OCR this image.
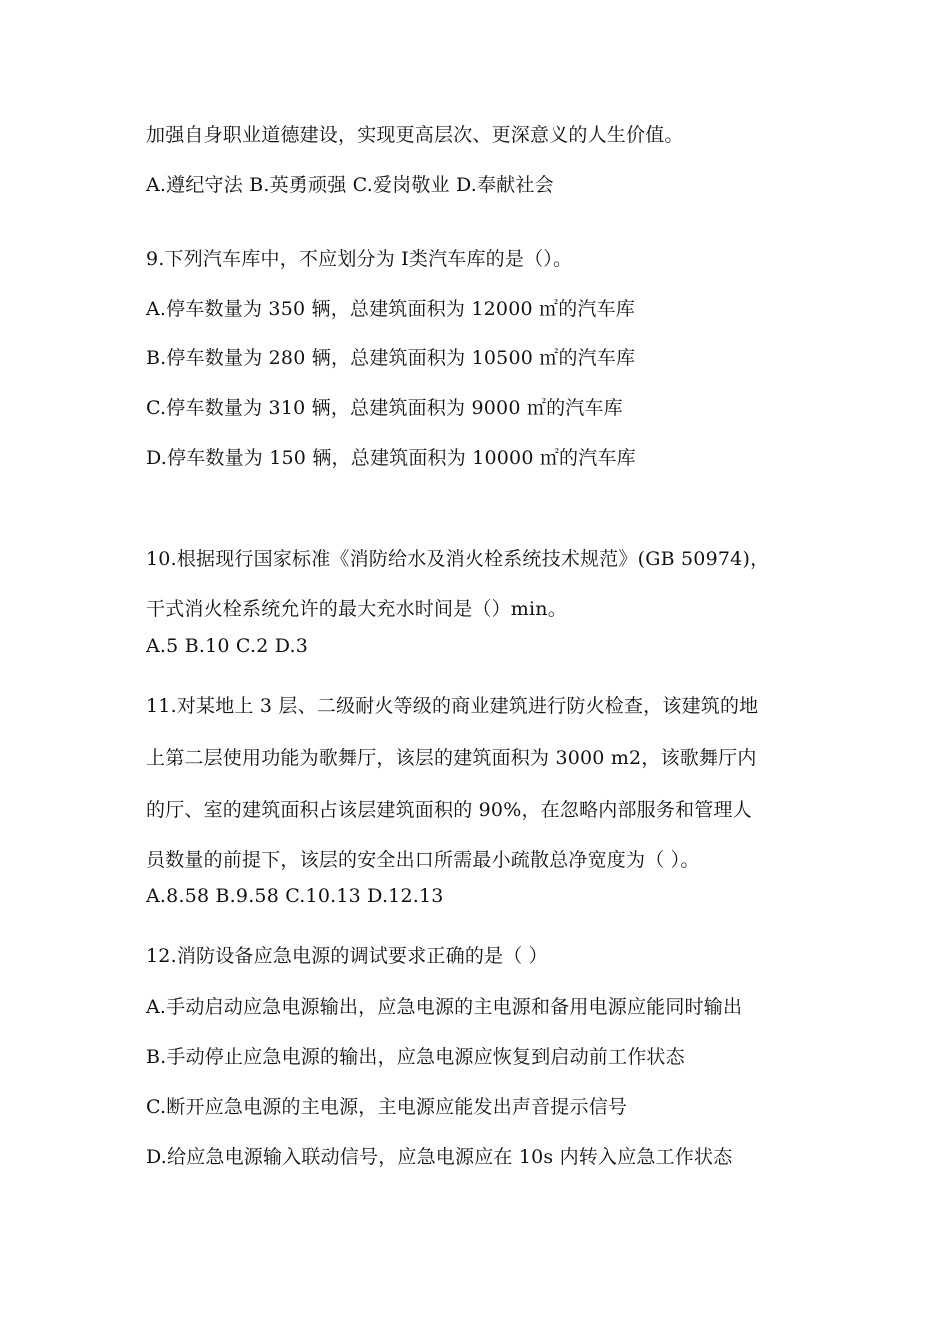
加强自身职业道德建设，实现更高层次、更深意义的人生价值。
A.遵纪守法 B.英勇顽强 C.爱岗敬业 D.奉献社会
9.下列汽车库中，不应划分为 I类汽车库的是（）。
A.停车数量为 350 辆，总建筑面积为 12000 ㎡的汽车库
B.停车数量为 280 辆，总建筑面积为 10500 ㎡的汽车库
C.停车数量为 310 辆，总建筑面积为 9000 ㎡的汽车库
D.停车数量为 150 辆，总建筑面积为 10000 ㎡的汽车库
10.根据现行国家标准《消防给水及消火栓系统技术规范》(GB 50974)，
干式消火栓系统允许的最大充水时间是（）min。
A.5 B.10 C.2 D.3
11.对某地上 3 层、二级耐火等级的商业建筑进行防火检查，该建筑的地
上第二层使用功能为歌舞厅，该层的建筑面积为 3000 m2，该歌舞厅内
的厅、室的建筑面积占该层建筑面积的 90%，在忽略内部服务和管理人
员数量的前提下，该层的安全出口所需最小疏散总净宽度为（ ）。
A.8.58 B.9.58 C.10.13 D.12.13
12.消防设备应急电源的调试要求正确的是（ ）
A.手动启动应急电源输出，应急电源的主电源和备用电源应能同时输出
B.手动停止应急电源的输出，应急电源应恢复到启动前工作状态
C.断开应急电源的主电源，主电源应能发出声音提示信号
D.给应急电源输入联动信号，应急电源应在 10s 内转入应急工作状态
